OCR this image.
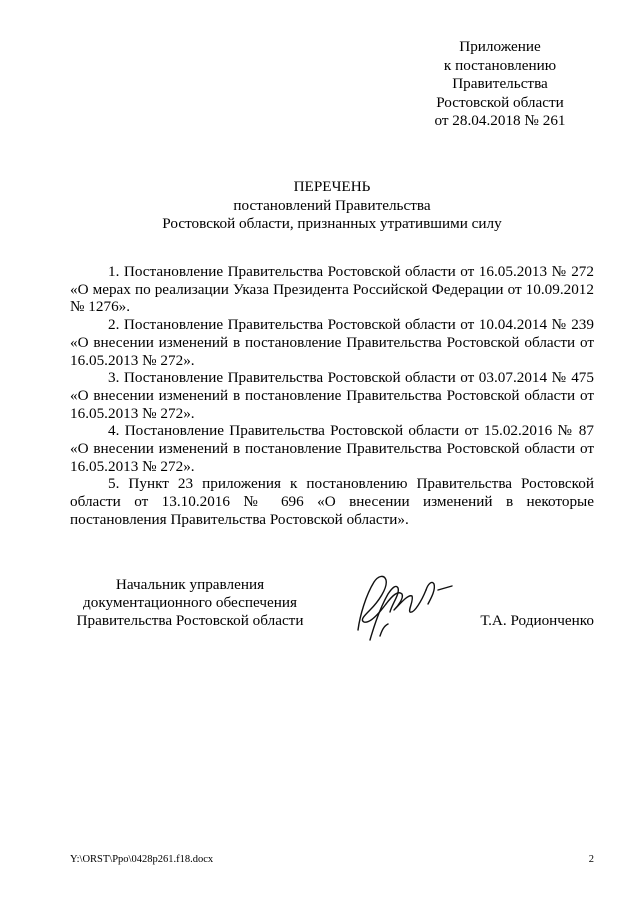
Приложение
к постановлению
Правительства
Ростовской области
от 28.04.2018 № 261
ПЕРЕЧЕНЬ
постановлений Правительства
Ростовской области, признанных утратившими силу

1. Постановление Правительства Ростовской области от 16.05.2013 № 272 «О мерах по реализации Указа Президента Российской Федерации от 10.09.2012 № 1276».

2. Постановление Правительства Ростовской области от 10.04.2014 № 239 «О внесении изменений в постановление Правительства Ростовской области от 16.05.2013 № 272».

3. Постановление Правительства Ростовской области от 03.07.2014 № 475 «О внесении изменений в постановление Правительства Ростовской области от 16.05.2013 № 272».

4. Постановление Правительства Ростовской области от 15.02.2016 № 87 «О внесении изменений в постановление Правительства Ростовской области от 16.05.2013 № 272».

5. Пункт 23 приложения к постановлению Правительства Ростовской области от 13.10.2016 № 696 «О внесении изменений в некоторые постановления Правительства Ростовской области».

Начальник управления
документационного обеспечения
Правительства Ростовской области	Т.А. Родионченко
Y:\ORST\Ppo\0428p261.f18.docx	2
